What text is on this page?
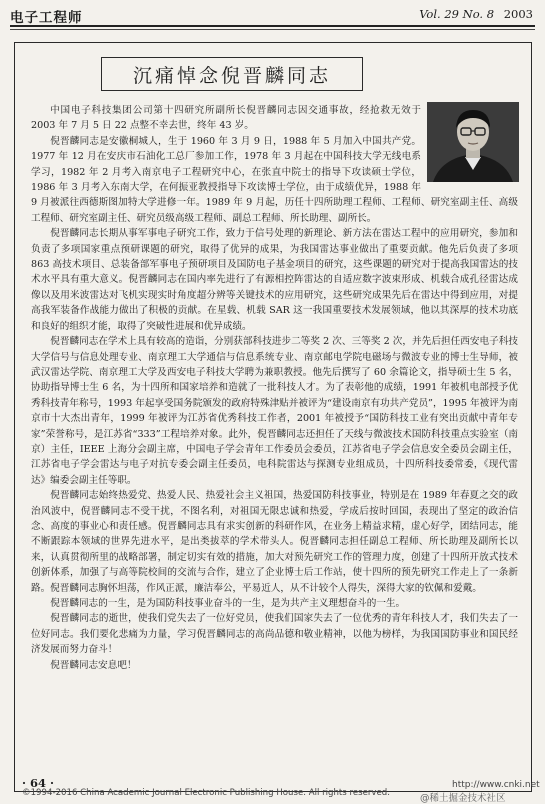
电子工程师	Vol. 29 No. 8 2003
沉痛悼念倪晋麟同志

中国电子科技集团公司第十四研究所副所长倪晋麟同志因交通事故，经抢救无效于 2003 年 7 月 5 日 22 点整不幸去世，终年 43 岁。

倪晋麟同志是安徽桐城人，生于 1960 年 3 月 9 日，1988 年 5 月加入中国共产党。1977 年 12 月在安庆市石油化工总厂参加工作，1978 年 3 月起在中国科技大学无线电系学习，1982 年 2 月考入南京电子工程研究中心，在张直中院士的指导下攻读硕士学位，1986 年 3 月考入东南大学，在何振亚教授指导下攻读博士学位，由于成绩优异，1988 年 9 月被派往西德斯图加特大学进修一年。1989 年 9 月起，历任十四所助理工程师、工程师、研究室副主任、高级工程师、研究室副主任、研究员级高级工程师、副总工程师、所长助理、副所长。

倪晋麟同志长期从事军事电子研究工作，致力于信号处理的新理论、新方法在雷达工程中的应用研究，参加和负责了多项国家重点预研课题的研究，取得了优异的成果，为我国雷达事业做出了重要贡献。他先后负责了多项 863 高技术项目、总装备部军事电子预研项目及国防电子基金项目的研究，这些课题的研究对于提高我国雷达的技术水平具有重大意义。倪晋麟同志在国内率先进行了有源相控阵雷达的自适应数字波束形成、机载合成孔径雷达成像以及用米波雷达对飞机实现实时角度超分辨等关键技术的应用研究，这些研究成果先后在雷达中得到应用，对提高我军装备作战能力做出了积极的贡献。在星载、机载 SAR 这一我国重要技术发展领域，他以其深厚的技术功底和良好的组织才能，取得了突破性进展和优异成绩。

倪晋麟同志在学术上具有较高的造诣，分别获部科技进步二等奖 2 次、三等奖 2 次，并先后担任西安电子科技大学信号与信息处理专业、南京理工大学通信与信息系统专业、南京邮电学院电磁场与微波专业的博士生导师，被武汉雷达学院、南京理工大学及西安电子科技大学聘为兼职教授。他先后撰写了 60 余篇论文，指导硕士生 5 名，协助指导博士生 6 名，为十四所和国家培养和造就了一批科技人才。为了表彰他的成绩，1991 年被机电部授予优秀科技青年称号，1993 年起享受国务院颁发的政府特殊津贴并被评为“建设南京有功共产党员”，1995 年被评为南京市十大杰出青年，1999 年被评为江苏省优秀科技工作者，2001 年被授予“国防科技工业有突出贡献中青年专家”荣誉称号，是江苏省“333”工程培养对象。此外，倪晋麟同志还担任了天线与微波技术国防科技重点实验室（南京）主任，IEEE 上海分会副主席，中国电子学会青年工作委员会委员，江苏省电子学会信息安全委员会副主任，江苏省电子学会雷达与电子对抗专委会副主任委员，电科院雷达与探测专业组成员，十四所科技委常委，《现代雷达》编委会副主任等职。

倪晋麟同志始终热爱党、热爱人民、热爱社会主义祖国，热爱国防科技事业，特别是在 1989 年春夏之交的政治风波中，倪晋麟同志不受干扰，不图名利，对祖国无限忠诚和热爱，学成后按时回国，表现出了坚定的政治信念、高度的事业心和责任感。倪晋麟同志具有求实创新的科研作风，在业务上精益求精，虚心好学，团结同志，能不断跟踪本领域的世界先进水平，是出类拔萃的学术带头人。倪晋麟同志担任副总工程师、所长助理及副所长以来，认真贯彻所里的战略部署，制定切实有效的措施，加大对预先研究工作的管理力度，创建了十四所开放式技术创新体系，加强了与高等院校间的交流与合作，建立了企业博士后工作站，使十四所的预先研究工作走上了一条新路。倪晋麟同志胸怀坦荡，作风正派，廉洁奉公，平易近人，从不计较个人得失，深得大家的钦佩和爱戴。

倪晋麟同志的一生，是为国防科技事业奋斗的一生，是为共产主义理想奋斗的一生。

倪晋麟同志的逝世，使我们党失去了一位好党员，使我们国家失去了一位优秀的青年科技人才，我们失去了一位好同志。我们要化悲痛为力量，学习倪晋麟同志的高尚品德和敬业精神，以他为榜样，为我国国防事业和国民经济发展而努力奋斗！

倪晋麟同志安息吧！

· 64 ·
©1994-2016 China Academic Journal Electronic Publishing House. All rights reserved.
http://www.cnki.net
@稀土掘金技术社区
